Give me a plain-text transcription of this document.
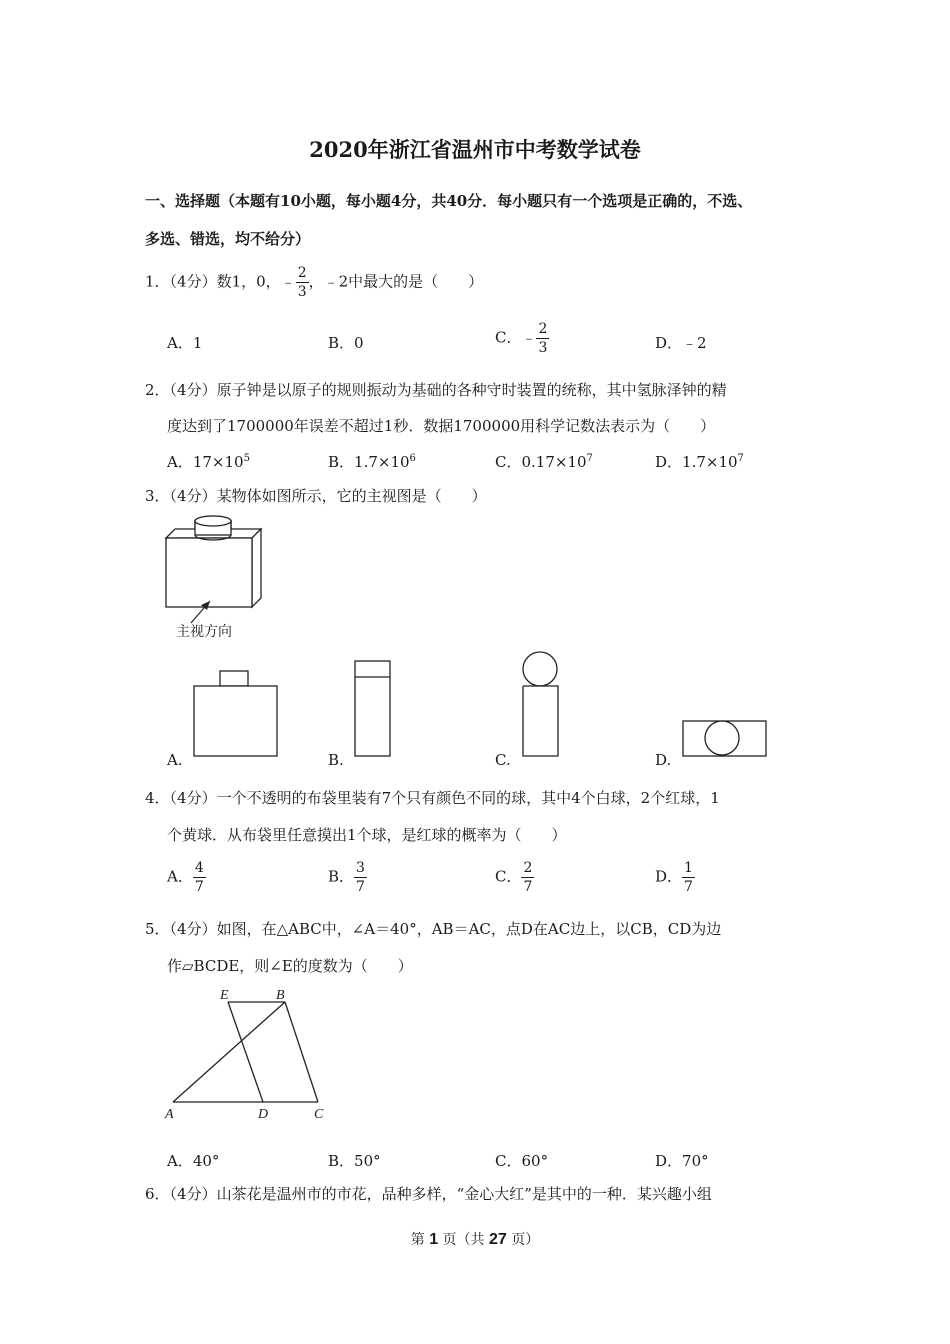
2020年浙江省温州市中考数学试卷
一、选择题（本题有10小题，每小题4分，共40分．每小题只有一个选项是正确的，不选、
多选、错选，均不给分）
1．（4分）数1，0，﹣ $\frac{2}{3}$ ，﹣2中最大的是（　　）
A．1	B．0	C．﹣ $\frac{2}{3}$	D．﹣2
2．（4分）原子钟是以原子的规则振动为基础的各种守时装置的统称，其中氢脉泽钟的精
度达到了1700000年误差不超过1秒．数据1700000用科学记数法表示为（　　）
A．$17\times 10^5$	B．$1.7\times 10^6$	C．$0.17\times 10^7$	D．$1.7\times 10^7$
3．（4分）某物体如图所示，它的主视图是（　　）
主视方向
A.	B.	C.	D.
4．（4分）一个不透明的布袋里装有7个只有颜色不同的球，其中4个白球，2个红球，1
个黄球．从布袋里任意摸出1个球，是红球的概率为（　　）
A． $\frac{4}{7}$	B． $\frac{3}{7}$	C． $\frac{2}{7}$	D． $\frac{1}{7}$
5．（4分）如图，在△ABC中，∠A＝40°，AB＝AC，点D在AC边上，以CB，CD为边
作▱BCDE，则∠E的度数为（　　）
E	B
A	D	C
A．40°	B．50°	C．60°	D．70°
6．（4分）山茶花是温州市的市花，品种多样，“金心大红”是其中的一种．某兴趣小组
第 1 页（共 27 页）
